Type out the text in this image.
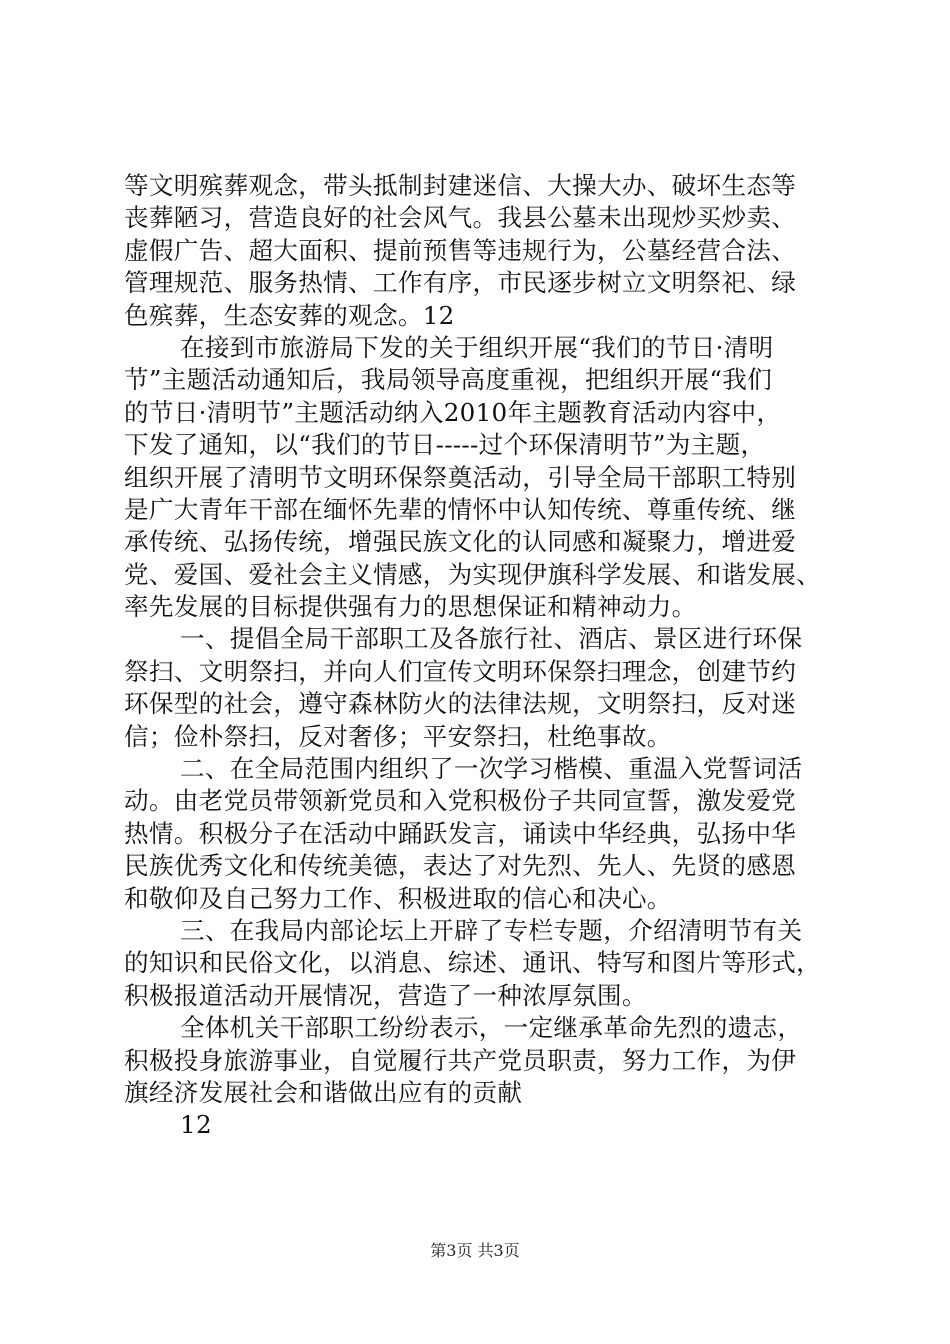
等文明殡葬观念，带头抵制封建迷信、大操大办、破坏生态等
丧葬陋习，营造良好的社会风气。我县公墓未出现炒买炒卖、
虚假广告、超大面积、提前预售等违规行为，公墓经营合法、
管理规范、服务热情、工作有序，市民逐步树立文明祭祀、绿
色殡葬，生态安葬的观念。12
在接到市旅游局下发的关于组织开展“我们的节日·清明
节”主题活动通知后，我局领导高度重视，把组织开展“我们
的节日·清明节”主题活动纳入2010年主题教育活动内容中，
下发了通知，以“我们的节日-----过个环保清明节”为主题，
组织开展了清明节文明环保祭奠活动，引导全局干部职工特别
是广大青年干部在缅怀先辈的情怀中认知传统、尊重传统、继
承传统、弘扬传统，增强民族文化的认同感和凝聚力，增进爱
党、爱国、爱社会主义情感，为实现伊旗科学发展、和谐发展、
率先发展的目标提供强有力的思想保证和精神动力。
一、提倡全局干部职工及各旅行社、酒店、景区进行环保
祭扫、文明祭扫，并向人们宣传文明环保祭扫理念，创建节约
环保型的社会，遵守森林防火的法律法规，文明祭扫，反对迷
信；俭朴祭扫，反对奢侈；平安祭扫，杜绝事故。
二、在全局范围内组织了一次学习楷模、重温入党誓词活
动。由老党员带领新党员和入党积极份子共同宣誓，激发爱党
热情。积极分子在活动中踊跃发言，诵读中华经典，弘扬中华
民族优秀文化和传统美德，表达了对先烈、先人、先贤的感恩
和敬仰及自己努力工作、积极进取的信心和决心。
三、在我局内部论坛上开辟了专栏专题，介绍清明节有关
的知识和民俗文化，以消息、综述、通讯、特写和图片等形式，
积极报道活动开展情况，营造了一种浓厚氛围。
全体机关干部职工纷纷表示，一定继承革命先烈的遗志，
积极投身旅游事业，自觉履行共产党员职责，努力工作，为伊
旗经济发展社会和谐做出应有的贡献
12
第3页 共3页
